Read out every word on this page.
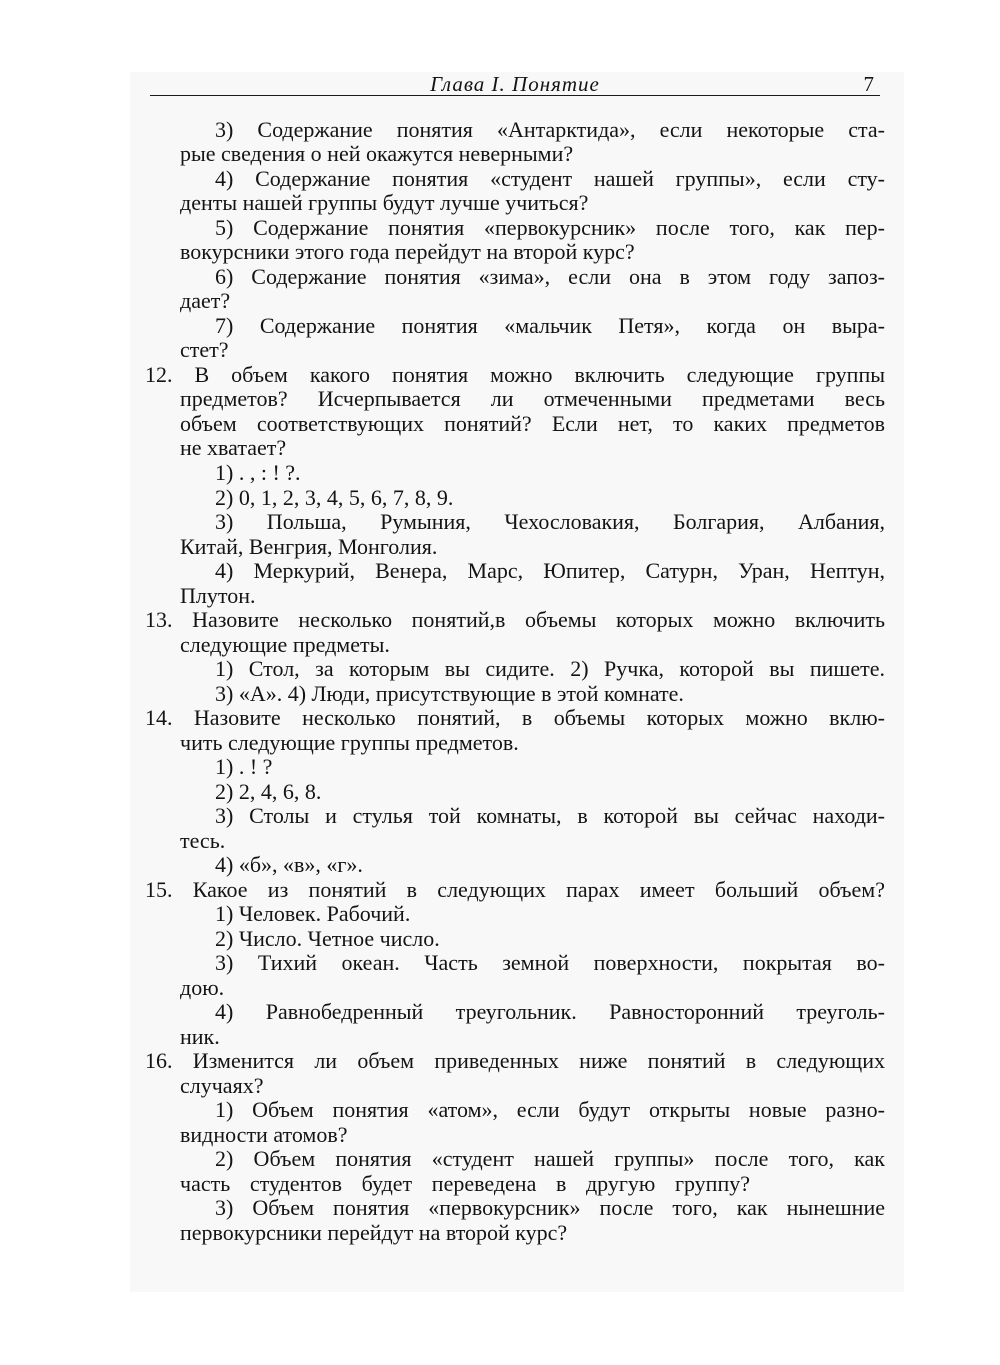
Глава I. Понятие	7
3) Содержание понятия «Антарктида», если некоторые ста-
рые сведения о ней окажутся неверными?
4) Содержание понятия «студент нашей группы», если сту-
денты нашей группы будут лучше учиться?
5) Содержание понятия «первокурсник» после того, как пер-
вокурсники этого года перейдут на второй курс?
6) Содержание понятия «зима», если она в этом году запоз-
дает?
7) Содержание понятия «мальчик Петя», когда он выра-
стет?
12. В объем какого понятия можно включить следующие группы
предметов? Исчерпывается ли отмеченными предметами весь
объем соответствующих понятий? Если нет, то каких предметов
не хватает?
1) . , : ! ?.
2) 0, 1, 2, 3, 4, 5, 6, 7, 8, 9.
3) Польша, Румыния, Чехословакия, Болгария, Албания,
Китай, Венгрия, Монголия.
4) Меркурий, Венера, Марс, Юпитер, Сатурн, Уран, Нептун,
Плутон.
13. Назовите несколько понятий,в объемы которых можно включить
следующие предметы.
1) Стол, за которым вы сидите. 2) Ручка, которой вы пишете.
3) «А». 4) Люди, присутствующие в этой комнате.
14. Назовите несколько понятий, в объемы которых можно вклю-
чить следующие группы предметов.
1) . ! ?
2) 2, 4, 6, 8.
3) Столы и стулья той комнаты, в которой вы сейчас находи-
тесь.
4) «б», «в», «г».
15. Какое из понятий в следующих парах имеет больший объем?
1) Человек. Рабочий.
2) Число. Четное число.
3) Тихий океан. Часть земной поверхности, покрытая во-
дою.
4) Равнобедренный треугольник. Равносторонний треуголь-
ник.
16. Изменится ли объем приведенных ниже понятий в следующих
случаях?
1) Объем понятия «атом», если будут открыты новые разно-
видности атомов?
2) Объем понятия «студент нашей группы» после того, как
часть студентов будет переведена в другую группу?
3) Объем понятия «первокурсник» после того, как нынешние
первокурсники перейдут на второй курс?
